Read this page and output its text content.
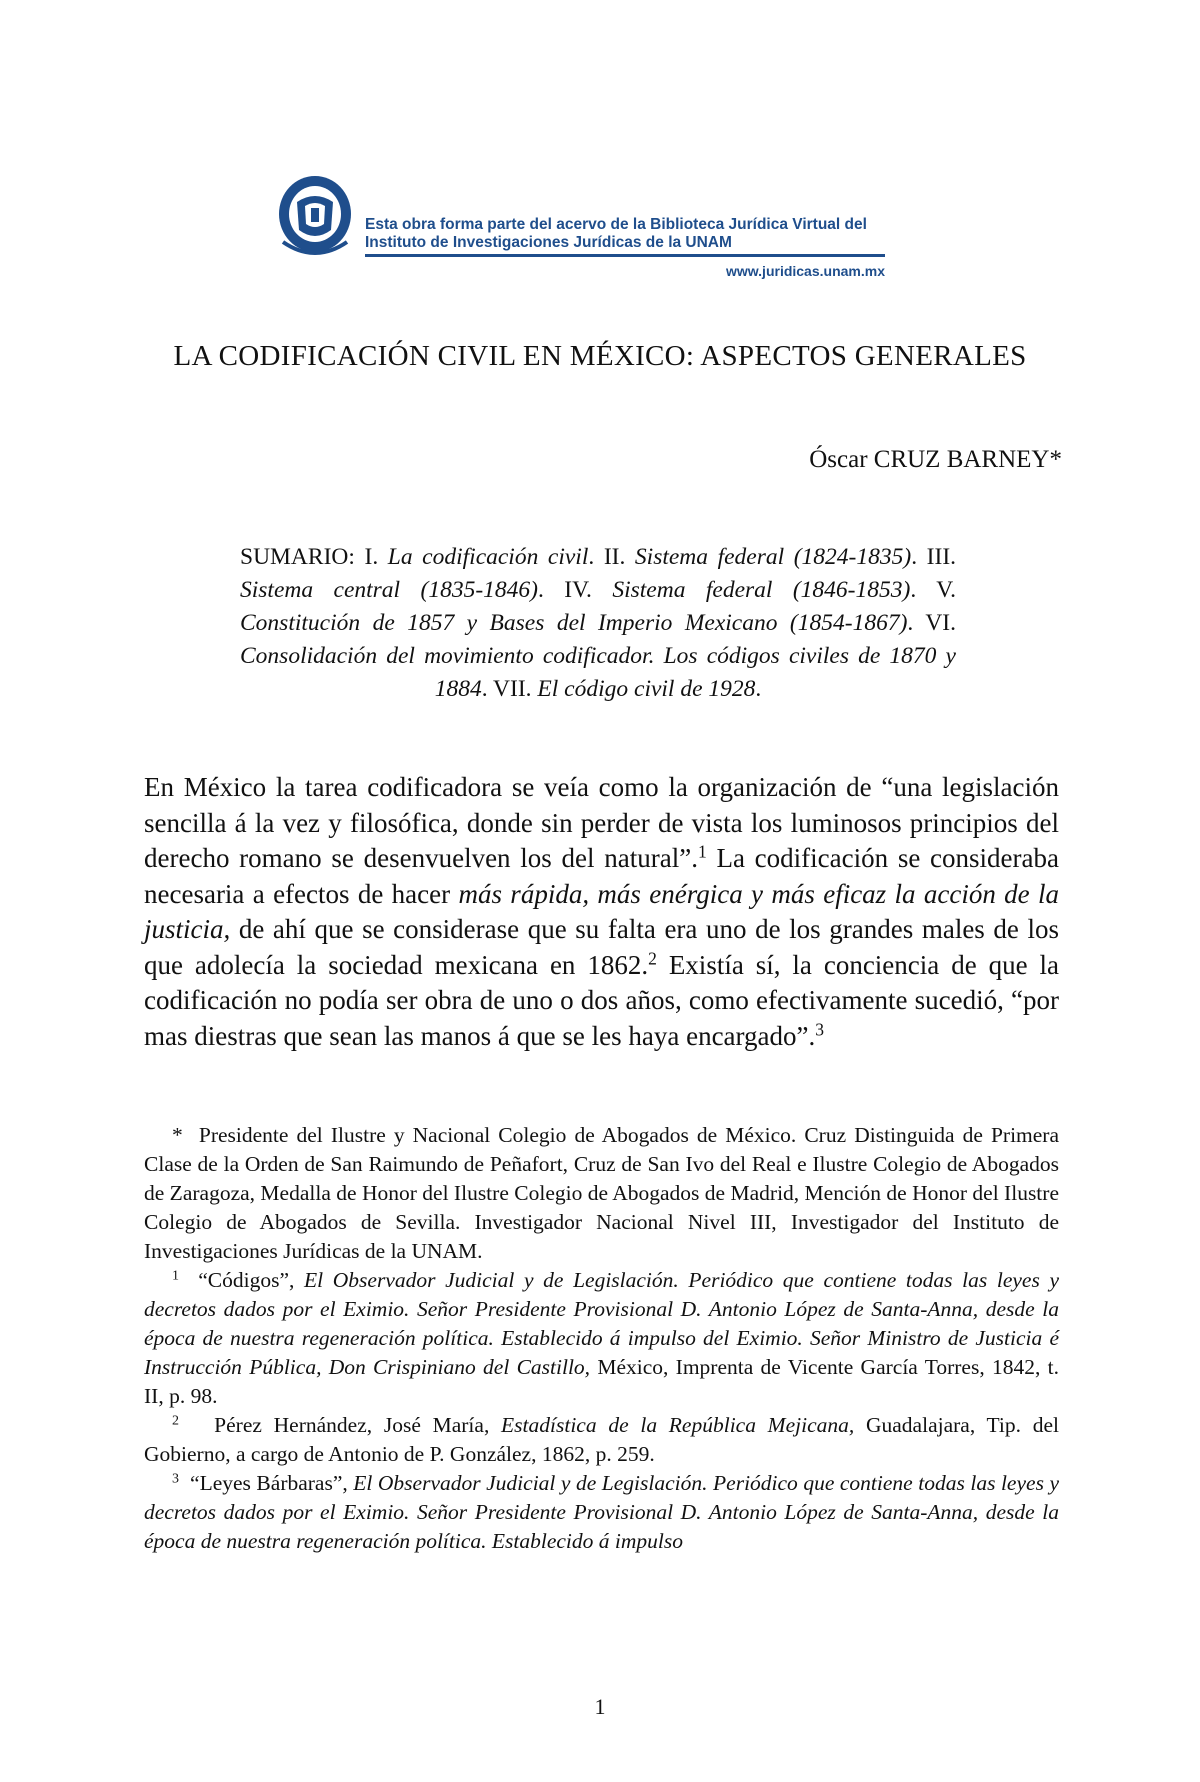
Esta obra forma parte del acervo de la Biblioteca Jurídica Virtual del Instituto de Investigaciones Jurídicas de la UNAM
www.juridicas.unam.mx
LA CODIFICACIÓN CIVIL EN MÉXICO: ASPECTOS GENERALES
Óscar CRUZ BARNEY*
SUMARIO: I. La codificación civil. II. Sistema federal (1824-1835). III. Sistema central (1835-1846). IV. Sistema federal (1846-1853). V. Constitución de 1857 y Bases del Imperio Mexicano (1854-1867). VI. Consolidación del movimiento codificador. Los códigos civiles de 1870 y 1884. VII. El código civil de 1928.
En México la tarea codificadora se veía como la organización de “una legislación sencilla á la vez y filosófica, donde sin perder de vista los luminosos principios del derecho romano se desenvuelven los del natural”.$^1$ La codificación se consideraba necesaria a efectos de hacer más rápida, más enérgica y más eficaz la acción de la justicia, de ahí que se considerase que su falta era uno de los grandes males de los que adolecía la sociedad mexicana en 1862.$^2$ Existía sí, la conciencia de que la codificación no podía ser obra de uno o dos años, como efectivamente sucedió, “por mas diestras que sean las manos á que se les haya encargado”.$^3$

* Presidente del Ilustre y Nacional Colegio de Abogados de México. Cruz Distinguida de Primera Clase de la Orden de San Raimundo de Peñafort, Cruz de San Ivo del Real e Ilustre Colegio de Abogados de Zaragoza, Medalla de Honor del Ilustre Colegio de Abogados de Madrid, Mención de Honor del Ilustre Colegio de Abogados de Sevilla. Investigador Nacional Nivel III, Investigador del Instituto de Investigaciones Jurídicas de la UNAM.

$^1$ “Códigos”, El Observador Judicial y de Legislación. Periódico que contiene todas las leyes y decretos dados por el Eximio. Señor Presidente Provisional D. Antonio López de Santa-Anna, desde la época de nuestra regeneración política. Establecido á impulso del Eximio. Señor Ministro de Justicia é Instrucción Pública, Don Crispiniano del Castillo, México, Imprenta de Vicente García Torres, 1842, t. II, p. 98.

$^2$ Pérez Hernández, José María, Estadística de la República Mejicana, Guadalajara, Tip. del Gobierno, a cargo de Antonio de P. González, 1862, p. 259.

$^3$ “Leyes Bárbaras”, El Observador Judicial y de Legislación. Periódico que contiene todas las leyes y decretos dados por el Eximio. Señor Presidente Provisional D. Antonio López de Santa-Anna, desde la época de nuestra regeneración política. Establecido á impulso

1
